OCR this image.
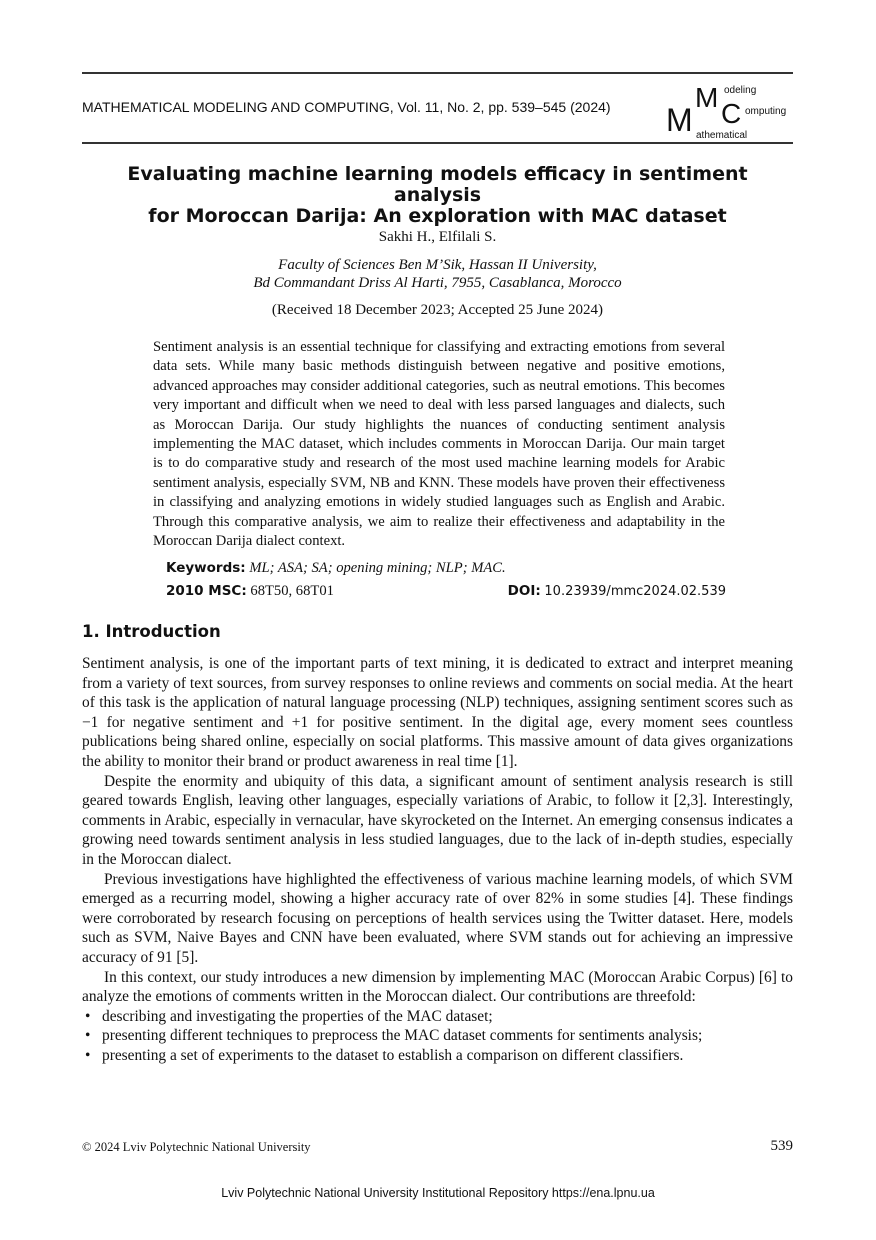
MATHEMATICAL MODELING AND COMPUTING, Vol. 11, No. 2, pp. 539–545 (2024) M
M
C
odeling
omputing
athematical
Evaluating machine learning models efficacy in sentiment analysis
for Moroccan Darija: An exploration with MAC dataset
Sakhi H., Elfilali S.
Faculty of Sciences Ben M’Sik, Hassan II University,
Bd Commandant Driss Al Harti, 7955, Casablanca, Morocco
(Received 18 December 2023; Accepted 25 June 2024)
Sentiment analysis is an essential technique for classifying and extracting emotions from several data sets. While many basic methods distinguish between negative and positive emotions, advanced approaches may consider additional categories, such as neutral emotions. This becomes very important and difficult when we need to deal with less parsed languages and dialects, such as Moroccan Darija. Our study highlights the nuances of conducting sentiment analysis implementing the MAC dataset, which includes comments in Moroccan Darija. Our main target is to do comparative study and research of the most used machine learning models for Arabic sentiment analysis, especially SVM, NB and KNN. These models have proven their effectiveness in classifying and analyzing emotions in widely studied languages such as English and Arabic. Through this comparative analysis, we aim to realize their effectiveness and adaptability in the Moroccan Darija dialect context.
Keywords: ML; ASA; SA; opening mining; NLP; MAC.
2010 MSC: 68T50, 68T01	DOI: 10.23939/mmc2024.02.539
1. Introduction

Sentiment analysis, is one of the important parts of text mining, it is dedicated to extract and interpret meaning from a variety of text sources, from survey responses to online reviews and comments on social media. At the heart of this task is the application of natural language processing (NLP) techniques, assigning sentiment scores such as −1 for negative sentiment and +1 for positive sentiment. In the digital age, every moment sees countless publications being shared online, especially on social platforms. This massive amount of data gives organizations the ability to monitor their brand or product awareness in real time [1].

Despite the enormity and ubiquity of this data, a significant amount of sentiment analysis research is still geared towards English, leaving other languages, especially variations of Arabic, to follow it [2,3]. Interestingly, comments in Arabic, especially in vernacular, have skyrocketed on the Internet. An emerging consensus indicates a growing need towards sentiment analysis in less studied languages, due to the lack of in-depth studies, especially in the Moroccan dialect.

Previous investigations have highlighted the effectiveness of various machine learning models, of which SVM emerged as a recurring model, showing a higher accuracy rate of over 82% in some studies [4]. These findings were corroborated by research focusing on perceptions of health services using the Twitter dataset. Here, models such as SVM, Naive Bayes and CNN have been evaluated, where SVM stands out for achieving an impressive accuracy of 91 [5].

In this context, our study introduces a new dimension by implementing MAC (Moroccan Arabic Corpus) [6] to analyze the emotions of comments written in the Moroccan dialect. Our contributions are threefold:

• describing and investigating the properties of the MAC dataset;
• presenting different techniques to preprocess the MAC dataset comments for sentiments analysis;
• presenting a set of experiments to the dataset to establish a comparison on different classifiers.
© 2024 Lviv Polytechnic National University	539
Lviv Polytechnic National University Institutional Repository https://ena.lpnu.ua
